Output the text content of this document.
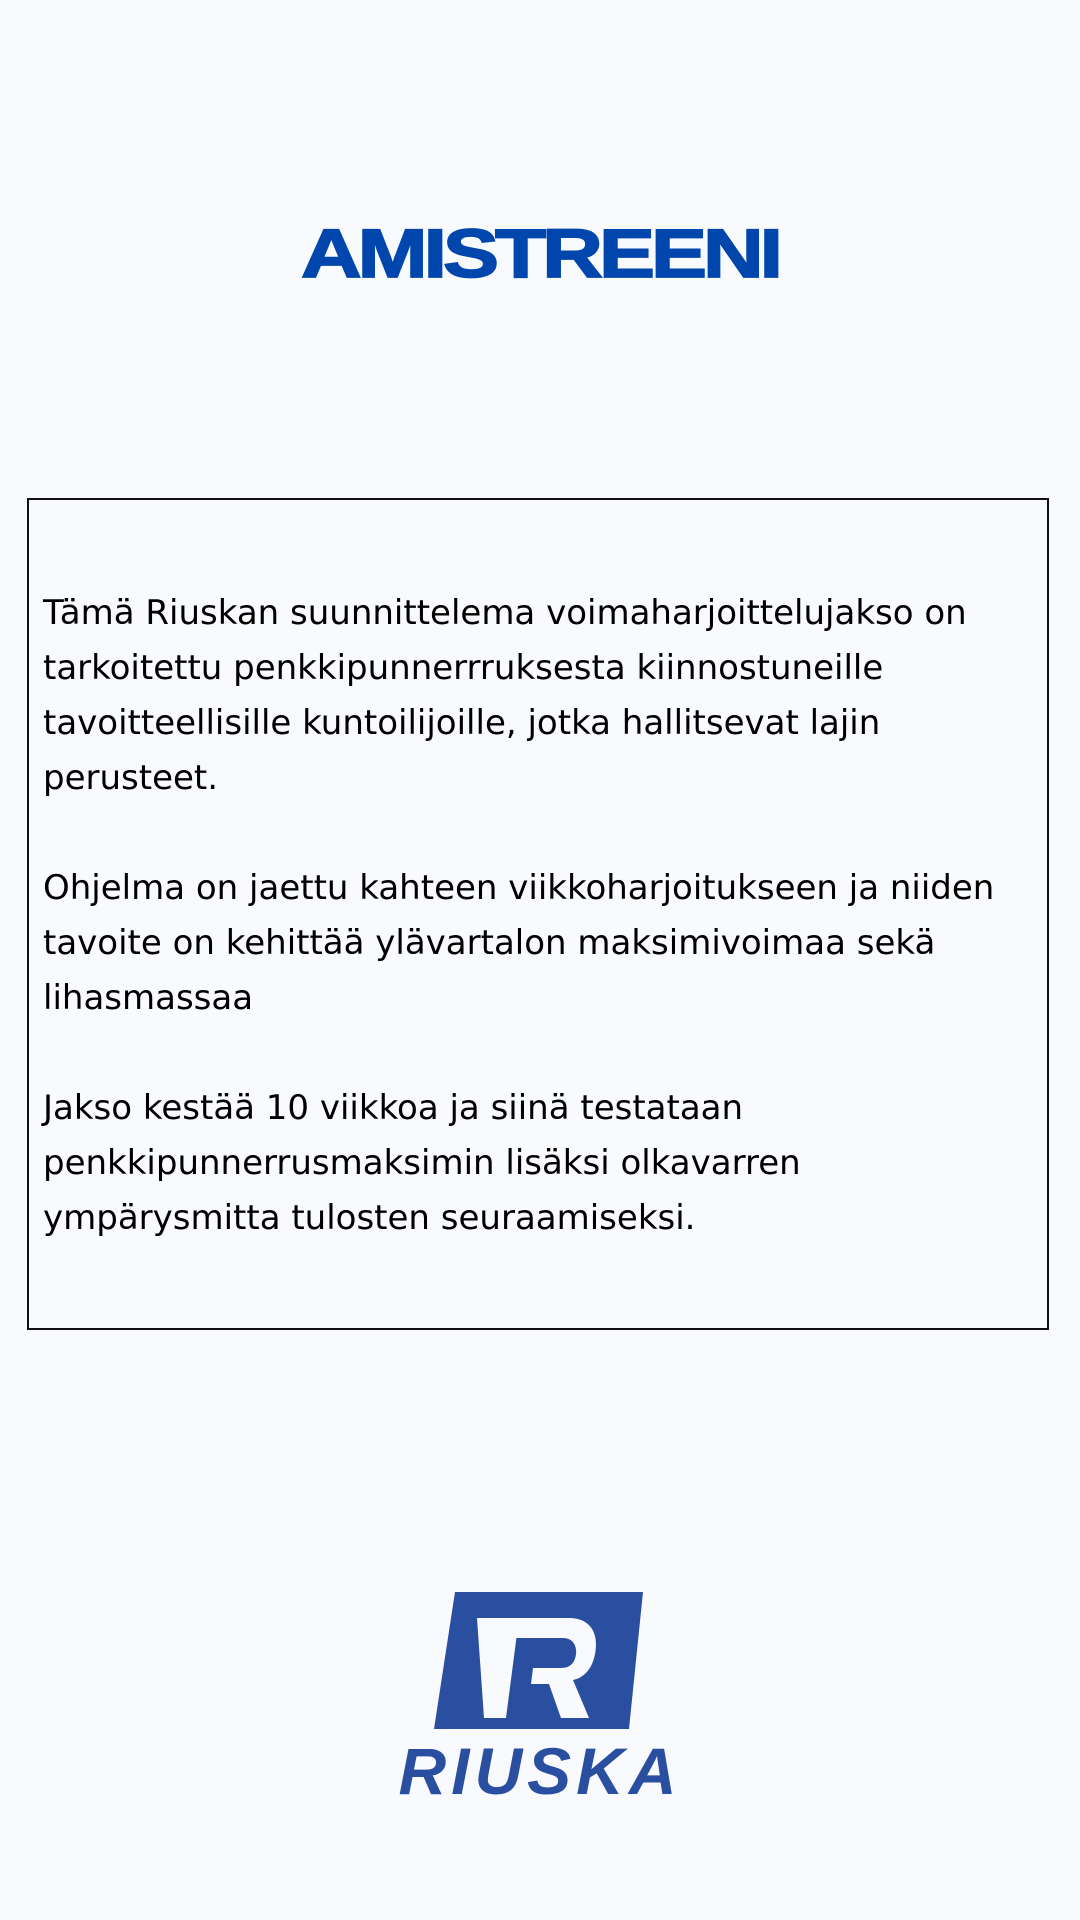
AMISTREENI

Tämä Riuskan suunnittelema voimaharjoittelujakso on tarkoitettu penkkipunnerrruksesta kiinnostuneille tavoitteellisille kuntoilijoille, jotka hallitsevat lajin perusteet.

Ohjelma on jaettu kahteen viikkoharjoitukseen ja niiden tavoite on kehittää ylävartalon maksimivoimaa sekä lihasmassaa

Jakso kestää 10 viikkoa ja siinä testataan penkkipunnerrusmaksimin lisäksi olkavarren ympärysmitta tulosten seuraamiseksi.

RIUSKA
